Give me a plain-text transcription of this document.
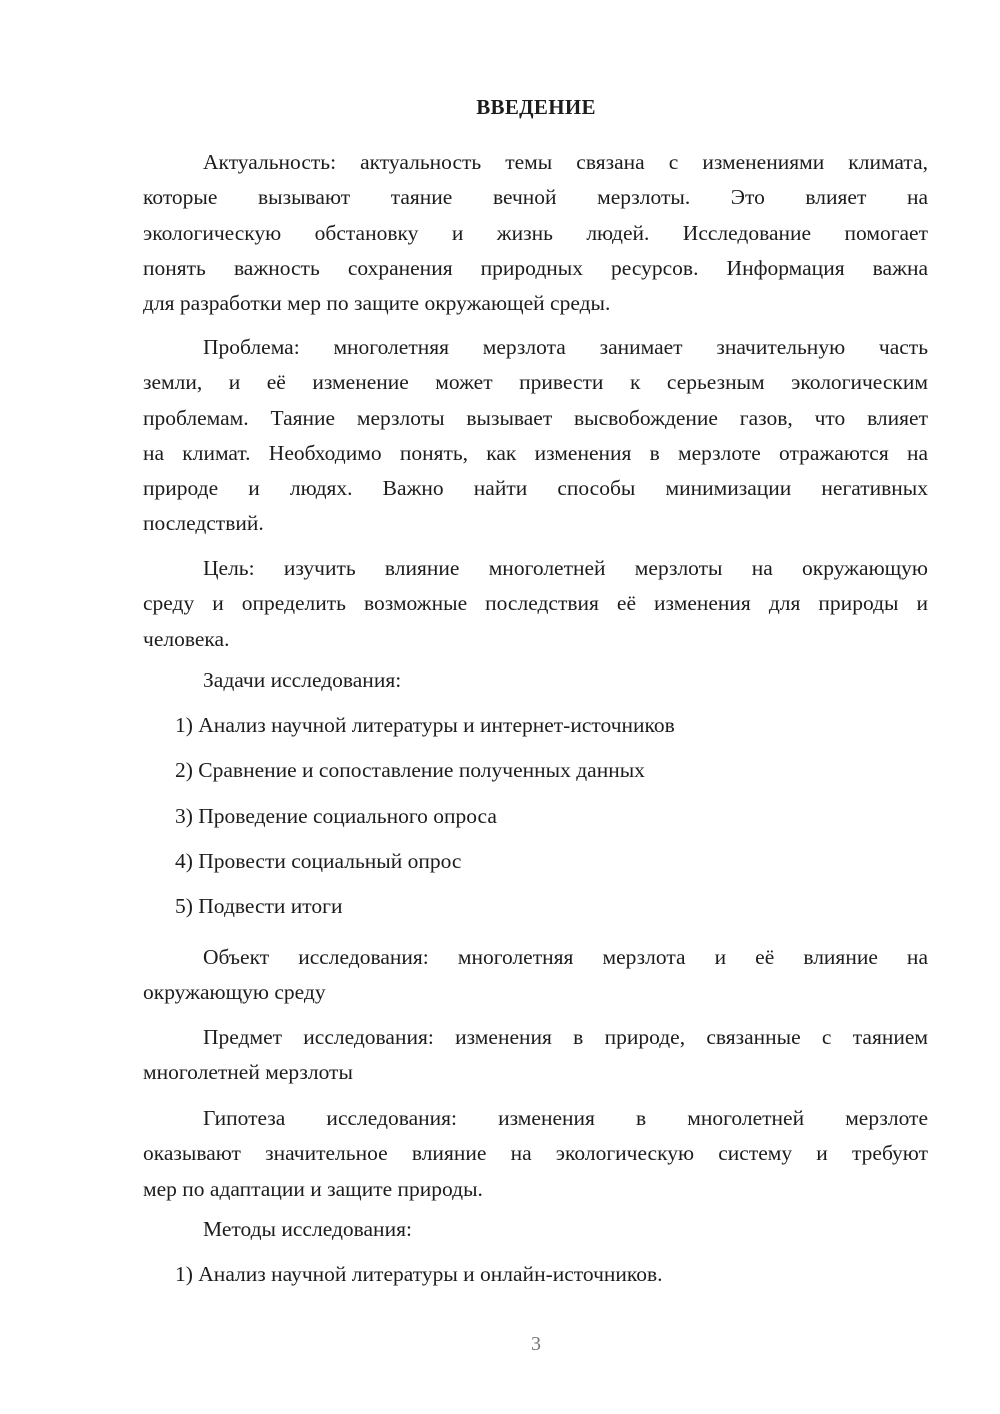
ВВЕДЕНИЕ
Актуальность: актуальность темы связана с изменениями климата,
которые вызывают таяние вечной мерзлоты. Это влияет на
экологическую обстановку и жизнь людей. Исследование помогает
понять важность сохранения природных ресурсов. Информация важна
для разработки мер по защите окружающей среды.
Проблема: многолетняя мерзлота занимает значительную часть
земли, и её изменение может привести к серьезным экологическим
проблемам. Таяние мерзлоты вызывает высвобождение газов, что влияет
на климат. Необходимо понять, как изменения в мерзлоте отражаются на
природе и людях. Важно найти способы минимизации негативных
последствий.
Цель: изучить влияние многолетней мерзлоты на окружающую
среду и определить возможные последствия её изменения для природы и
человека.
Задачи исследования:
1) Анализ научной литературы и интернет-источников
2) Сравнение и сопоставление полученных данных
3) Проведение социального опроса
4) Провести социальный опрос
5) Подвести итоги
Объект исследования: многолетняя мерзлота и её влияние на
окружающую среду
Предмет исследования: изменения в природе, связанные с таянием
многолетней мерзлоты
Гипотеза исследования: изменения в многолетней мерзлоте
оказывают значительное влияние на экологическую систему и требуют
мер по адаптации и защите природы.
Методы исследования:
1) Анализ научной литературы и онлайн-источников.
3
